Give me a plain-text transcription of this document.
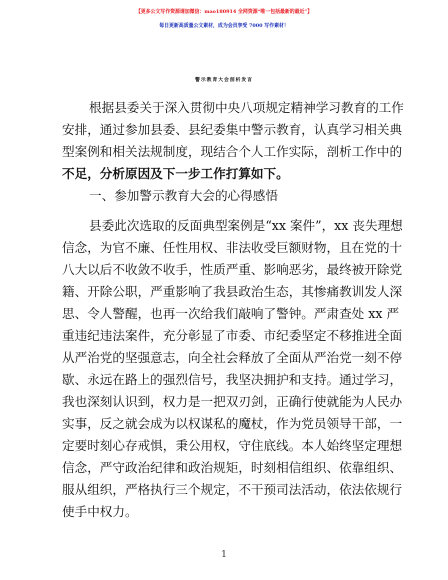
【更多公文写作资源请加微信：mao180914 全网资源“唯一包括最新的最近”】
每日更新高质量公文素材，成为会员享受 7000 写作素材！
警示教育大会剖析发言
根据县委关于深入贯彻中央八项规定精神学习教育的工作
安排，通过参加县委、县纪委集中警示教育，认真学习相关典
型案例和相关法规制度，现结合个人工作实际，剖析工作中的
不足，分析原因及下一步工作打算如下。
一、参加警示教育大会的心得感悟
县委此次选取的反面典型案例是“xx 案件”，xx 丧失理想
信念，为官不廉、任性用权、非法收受巨额财物，且在党的十
八大以后不收敛不收手，性质严重、影响恶劣，最终被开除党
籍、开除公职，严重影响了我县政治生态，其惨痛教训发人深
思、令人警醒，也再一次给我们敲响了警钟。严肃查处 xx 严
重违纪违法案件，充分彰显了市委、市纪委坚定不移推进全面
从严治党的坚强意志，向全社会释放了全面从严治党一刻不停
歇、永远在路上的强烈信号，我坚决拥护和支持。通过学习，
我也深刻认识到，权力是一把双刃剑，正确行使就能为人民办
实事，反之就会成为以权谋私的魔杖，作为党员领导干部，一
定要时刻心存戒惧，秉公用权，守住底线。本人始终坚定理想
信念，严守政治纪律和政治规矩，时刻相信组织、依靠组织、
服从组织，严格执行三个规定，不干预司法活动，依法依规行
使手中权力。
1
